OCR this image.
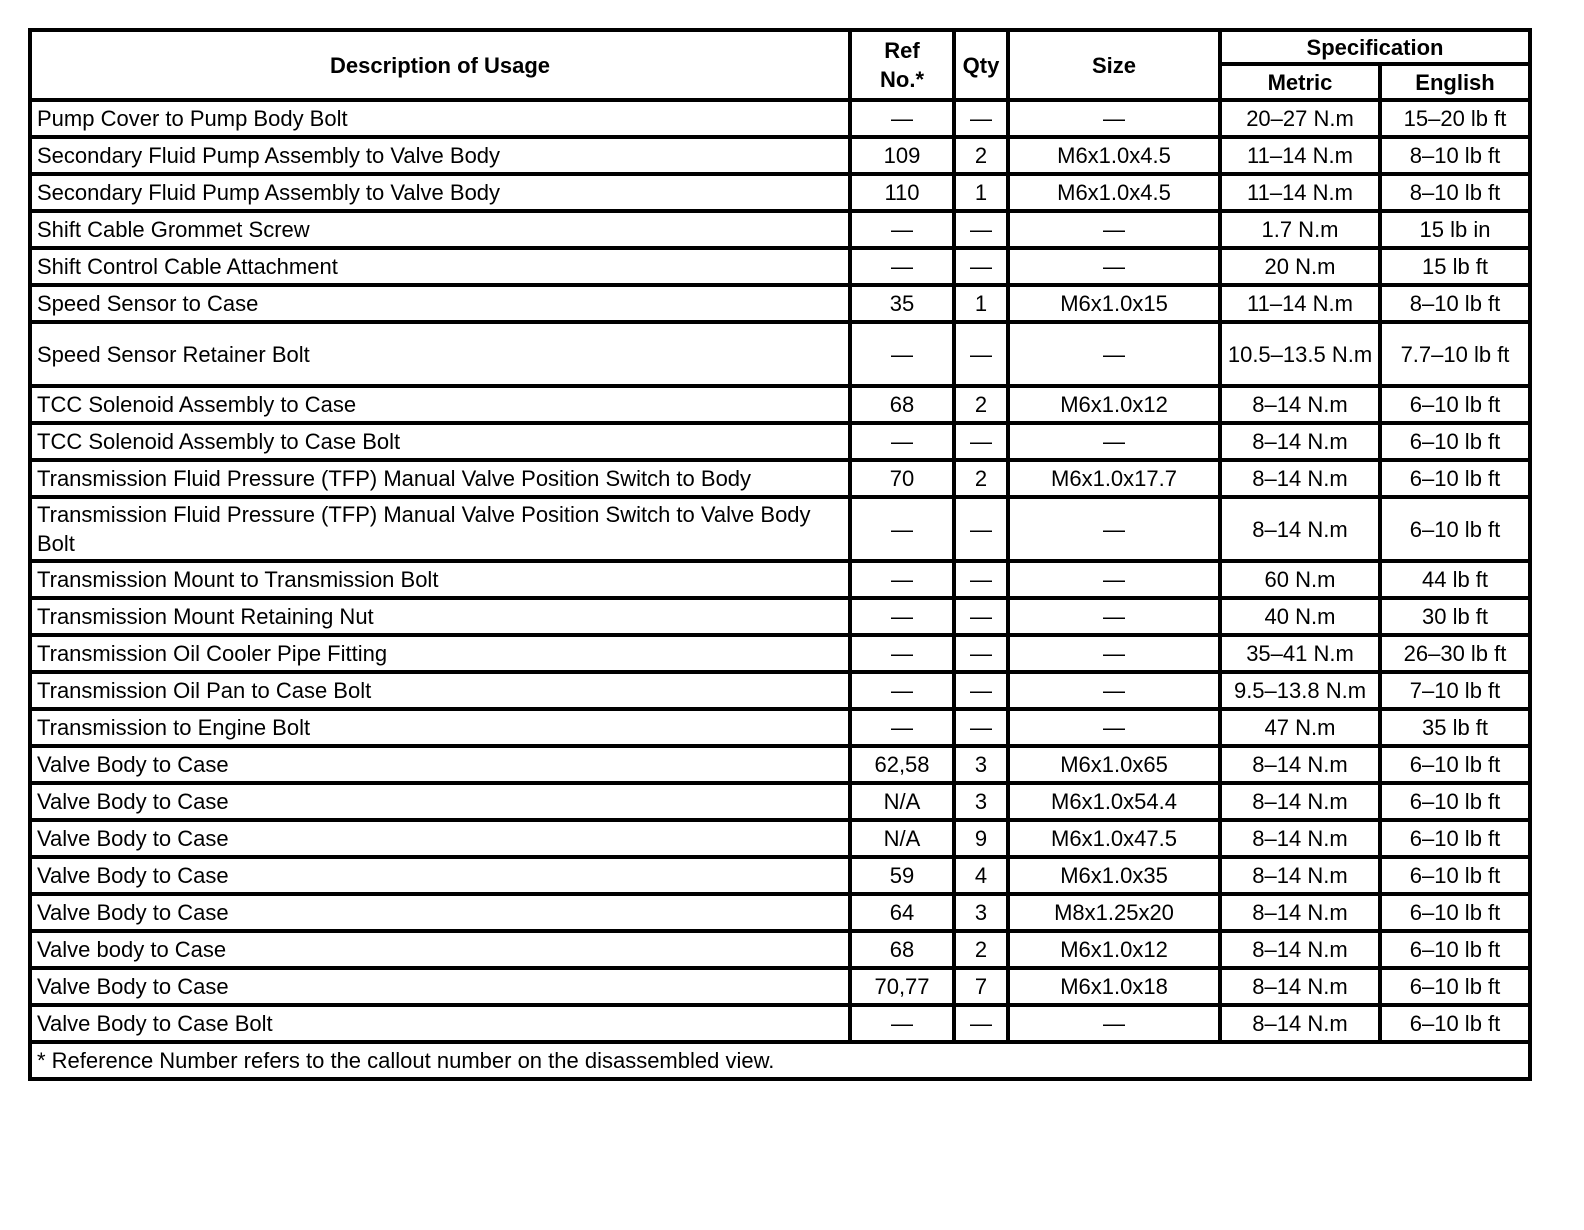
Description of Usage	Ref No.*	Qty	Size	Specification	
				Metric	English
Pump Cover to Pump Body Bolt	—	—	—	20–27 N.m	15–20 lb ft
Secondary Fluid Pump Assembly to Valve Body	109	2	M6x1.0x4.5	11–14 N.m	8–10 lb ft
Secondary Fluid Pump Assembly to Valve Body	110	1	M6x1.0x4.5	11–14 N.m	8–10 lb ft
Shift Cable Grommet Screw	—	—	—	1.7 N.m	15 lb in
Shift Control Cable Attachment	—	—	—	20 N.m	15 lb ft
Speed Sensor to Case	35	1	M6x1.0x15	11–14 N.m	8–10 lb ft
Speed Sensor Retainer Bolt	—	—	—	10.5–13.5 N.m	7.7–10 lb ft
TCC Solenoid Assembly to Case	68	2	M6x1.0x12	8–14 N.m	6–10 lb ft
TCC Solenoid Assembly to Case Bolt	—	—	—	8–14 N.m	6–10 lb ft
Transmission Fluid Pressure (TFP) Manual Valve Position Switch to Body	70	2	M6x1.0x17.7	8–14 N.m	6–10 lb ft
Transmission Fluid Pressure (TFP) Manual Valve Position Switch to Valve Body Bolt	—	—	—	8–14 N.m	6–10 lb ft
Transmission Mount to Transmission Bolt	—	—	—	60 N.m	44 lb ft
Transmission Mount Retaining Nut	—	—	—	40 N.m	30 lb ft
Transmission Oil Cooler Pipe Fitting	—	—	—	35–41 N.m	26–30 lb ft
Transmission Oil Pan to Case Bolt	—	—	—	9.5–13.8 N.m	7–10 lb ft
Transmission to Engine Bolt	—	—	—	47 N.m	35 lb ft
Valve Body to Case	62,58	3	M6x1.0x65	8–14 N.m	6–10 lb ft
Valve Body to Case	N/A	3	M6x1.0x54.4	8–14 N.m	6–10 lb ft
Valve Body to Case	N/A	9	M6x1.0x47.5	8–14 N.m	6–10 lb ft
Valve Body to Case	59	4	M6x1.0x35	8–14 N.m	6–10 lb ft
Valve Body to Case	64	3	M8x1.25x20	8–14 N.m	6–10 lb ft
Valve body to Case	68	2	M6x1.0x12	8–14 N.m	6–10 lb ft
Valve Body to Case	70,77	7	M6x1.0x18	8–14 N.m	6–10 lb ft
Valve Body to Case Bolt	—	—	—	8–14 N.m	6–10 lb ft
* Reference Number refers to the callout number on the disassembled view.					
